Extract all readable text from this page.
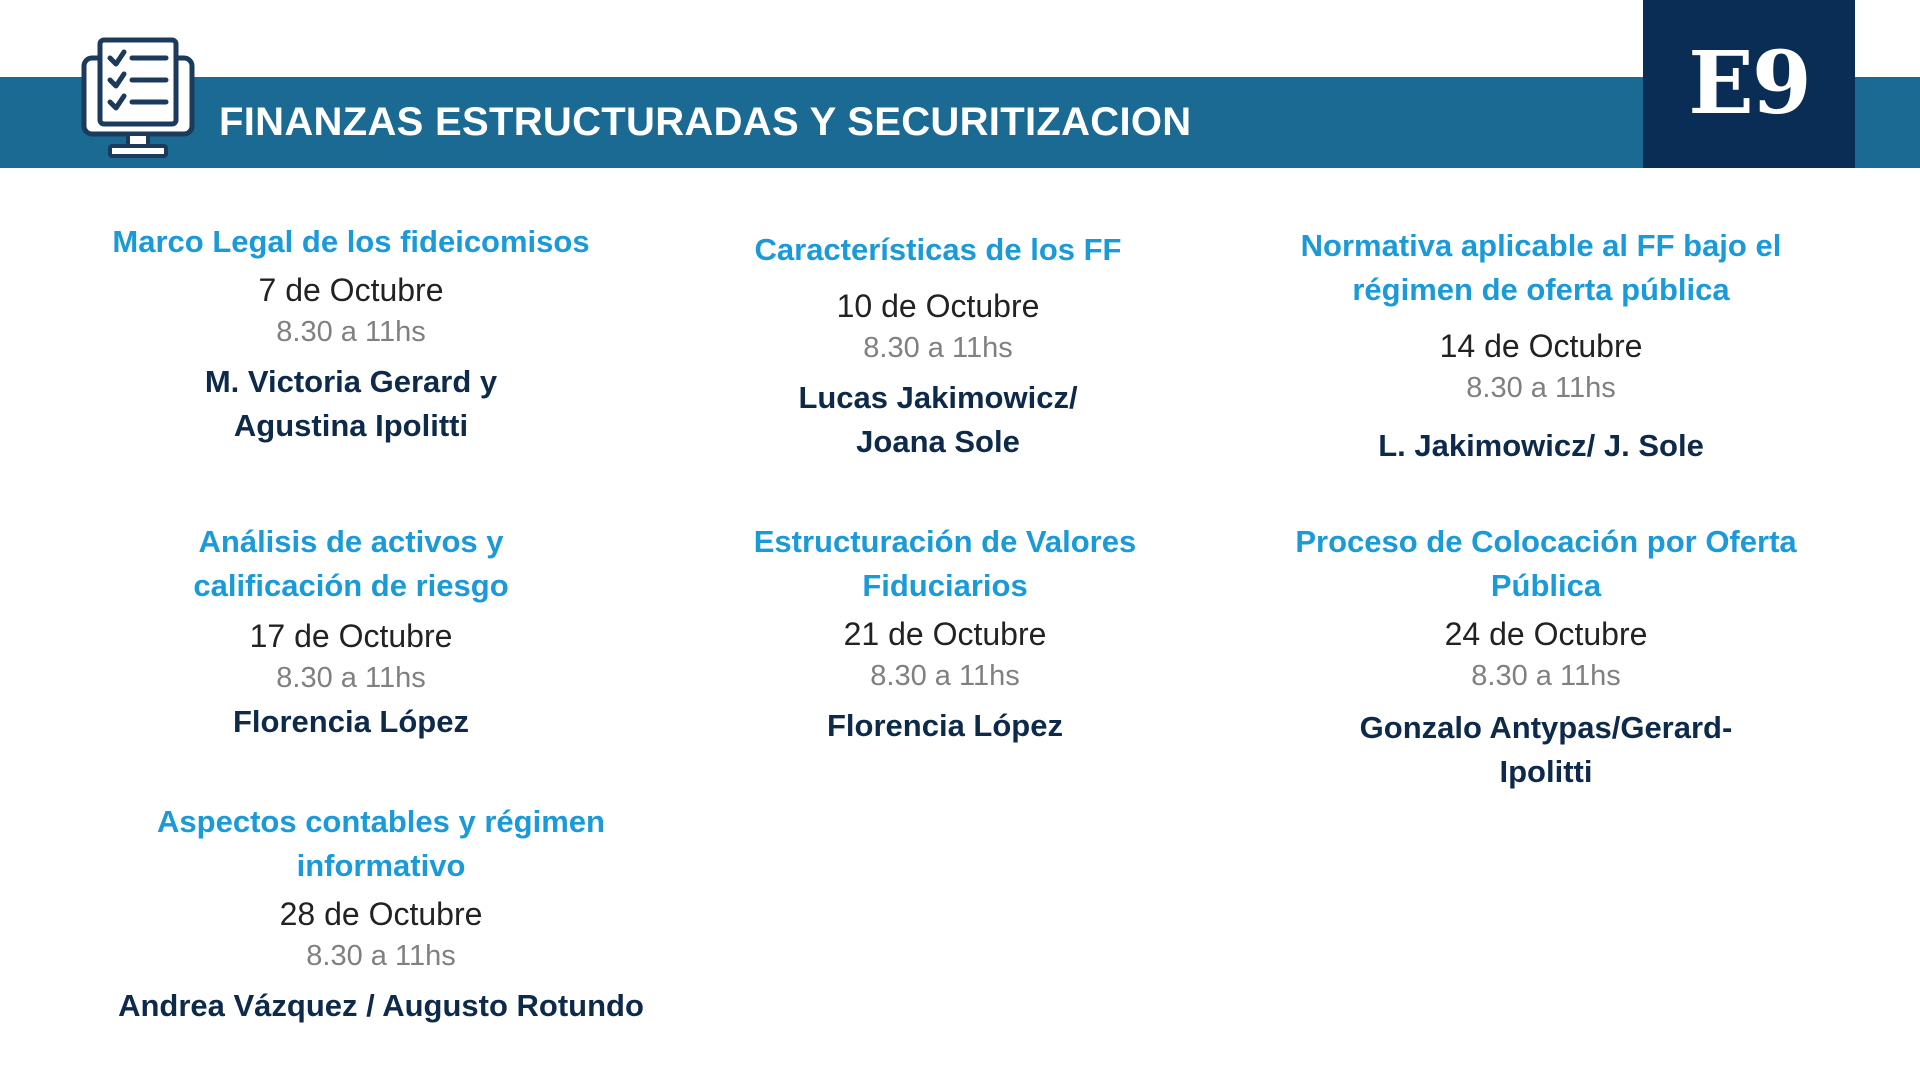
FINANZAS ESTRUCTURADAS Y SECURITIZACION	E9
Marco Legal de los fideicomisos
7 de Octubre
8.30 a 11hs
M. Victoria Gerard y
Agustina Ipolitti
Características de los FF
10 de Octubre
8.30 a 11hs
Lucas Jakimowicz/
Joana Sole
Normativa aplicable al FF bajo el régimen de oferta pública
14 de Octubre
8.30 a 11hs
L. Jakimowicz/ J. Sole
Análisis de activos y calificación de riesgo
17 de Octubre
8.30 a 11hs
Florencia López
Estructuración de Valores Fiduciarios
21 de Octubre
8.30 a 11hs
Florencia López
Proceso de Colocación por Oferta Pública
24 de Octubre
8.30 a 11hs
Gonzalo Antypas/Gerard-Ipolitti
Aspectos contables y régimen informativo
28 de Octubre
8.30 a 11hs
Andrea Vázquez / Augusto Rotundo
